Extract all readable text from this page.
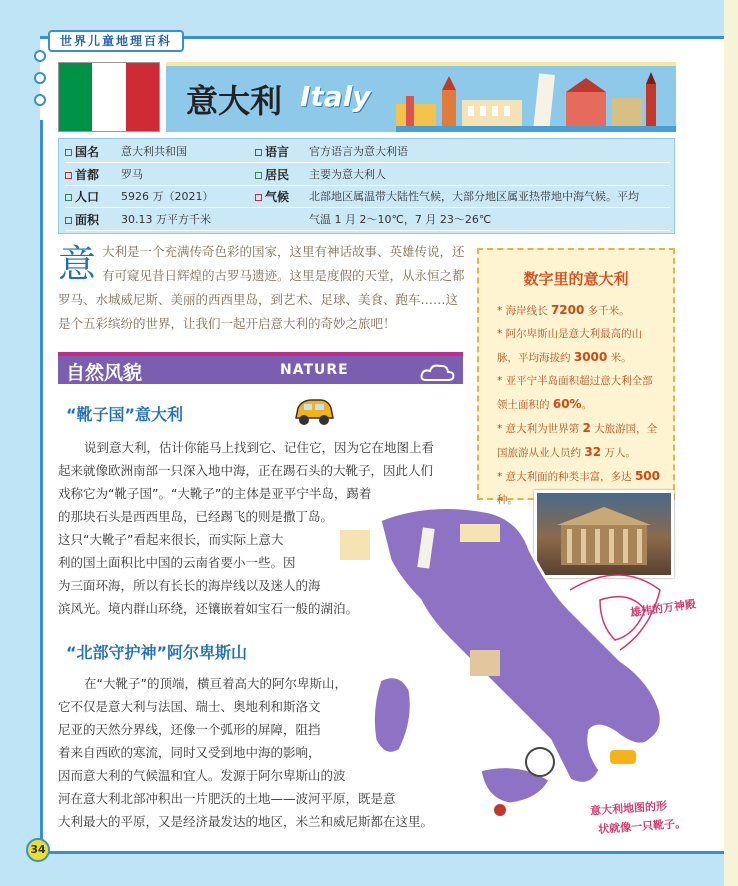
世界儿童地理百科
意大利 Italy
国名 意大利共和国	语言 官方语言为意大利语
首都 罗马	居民 主要为意大利人
人口 5926 万（2021）	气候 北部地区属温带大陆性气候，大部分地区属亚热带地中海气候。平均
面积 30.13 万平方千米	气温 1 月 2～10℃，7 月 23～26℃
意 大利是一个充满传奇色彩的国家，这里有神话故事、英雄传说，还有可窥见昔日辉煌的古罗马遗迹。这里是度假的天堂，从永恒之都罗马、水城威尼斯、美丽的西西里岛，到艺术、足球、美食、跑车……这是个五彩缤纷的世界，让我们一起开启意大利的奇妙之旅吧！
数字里的意大利
* 海岸线长 7200 多千米。
* 阿尔卑斯山是意大利最高的山脉，平均海拔约 3000 米。
* 亚平宁半岛面积超过意大利全部领土面积的 60%。
* 意大利为世界第 2 大旅游国，全国旅游从业人员约 32 万人。
* 意大利面的种类丰富，多达 500 种。
自然风貌	NATURE
“靴子国”意大利

说到意大利，估计你能马上找到它、记住它，因为它在地图上看

起来就像欧洲南部一只深入地中海，正在踢石头的大靴子，因此人们

戏称它为“靴子国”。“大靴子”的主体是亚平宁半岛，踢着

的那块石头是西西里岛，已经踢飞的则是撒丁岛。

这只“大靴子”看起来很长，而实际上意大

利的国土面积比中国的云南省要小一些。因

为三面环海，所以有长长的海岸线以及迷人的海

滨风光。境内群山环绕，还镶嵌着如宝石一般的湖泊。

“北部守护神”阿尔卑斯山

在“大靴子”的顶端，横亘着高大的阿尔卑斯山，

它不仅是意大利与法国、瑞士、奥地利和斯洛文

尼亚的天然分界线，还像一个弧形的屏障，阻挡

着来自西欧的寒流，同时又受到地中海的影响，

因而意大利的气候温和宜人。发源于阿尔卑斯山的波

河在意大利北部冲积出一片肥沃的土地——波河平原，既是意

大利最大的平原，又是经济最发达的地区，米兰和威尼斯都在这里。

雄伟的万神殿
意大利地图的形
状就像一只靴子。
34
